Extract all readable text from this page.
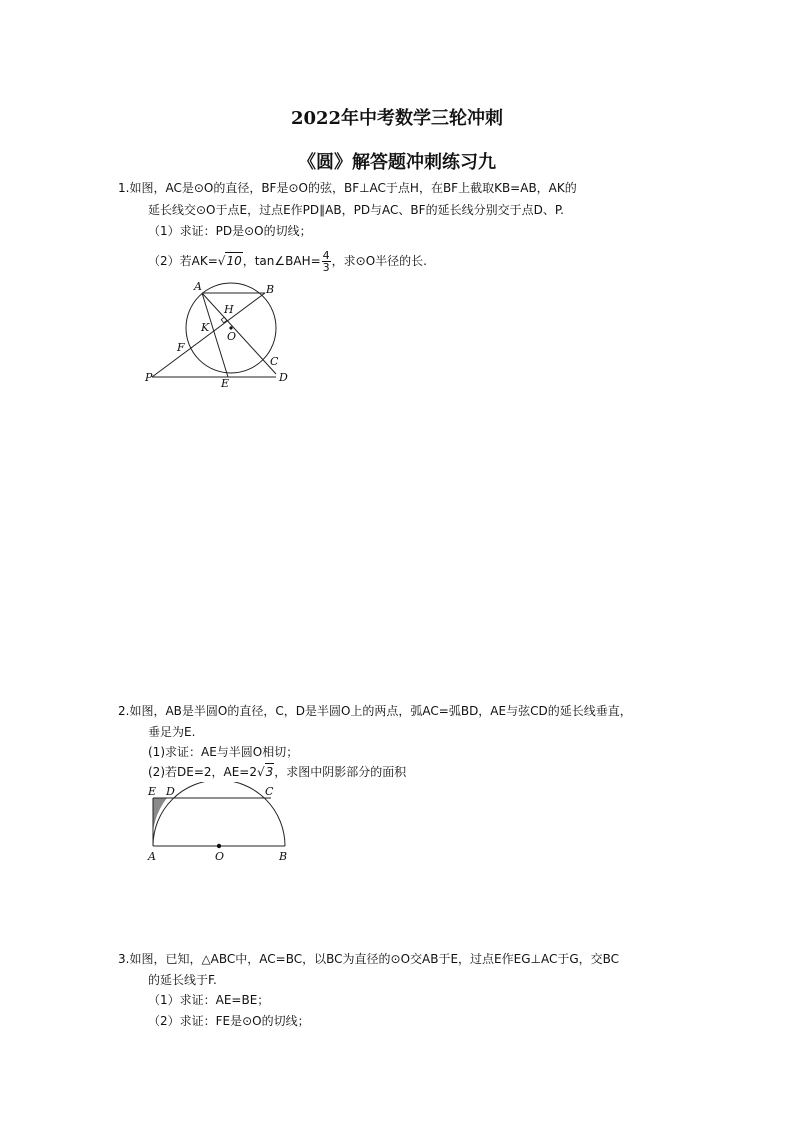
2022年中考数学三轮冲刺
《圆》解答题冲刺练习九
1.如图，AC是⊙O的直径，BF是⊙O的弦，BF⊥AC于点H，在BF上截取KB=AB，AK的
延长线交⊙O于点E，过点E作PD∥AB，PD与AC、BF的延长线分别交于点D、P.
（1）求证：PD是⊙O的切线；
（2）若AK= √ 10 ，tan∠BAH= $\frac{4}{3}$ ，求⊙O半径的长.
A	B
H
K
O
F
C
P	E	D
2.如图，AB是半圆O的直径，C，D是半圆O上的两点，弧AC=弧BD，AE与弦CD的延长线垂直，
垂足为E.
(1)求证：AE与半圆O相切；
(2)若DE=2，AE=2 √ 3 ，求图中阴影部分的面积
E D	C
A	O	B
3.如图，已知，△ABC中，AC=BC，以BC为直径的⊙O交AB于E，过点E作EG⊥AC于G，交BC
的延长线于F.
（1）求证：AE=BE；
（2）求证：FE是⊙O的切线；
